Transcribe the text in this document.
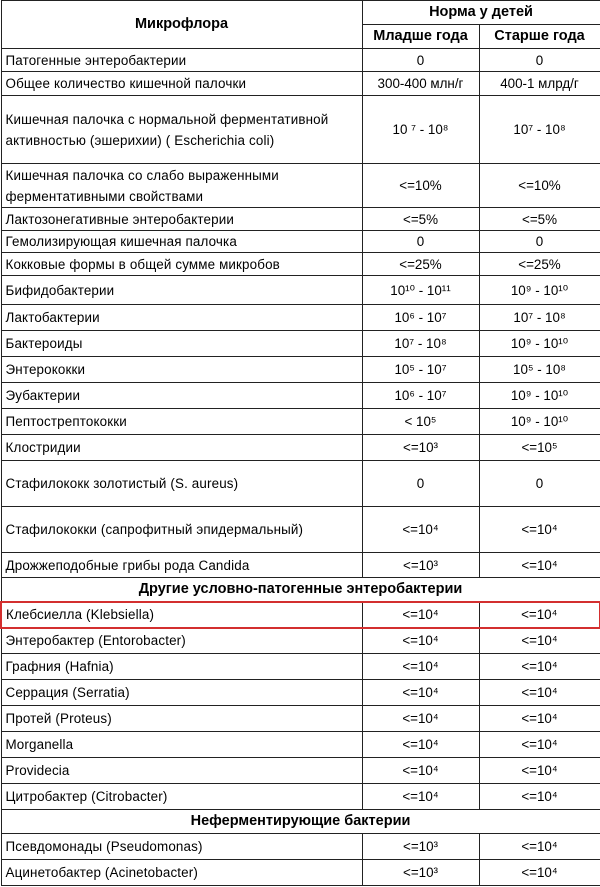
Микрофлора	Норма у детей	
	Младше года	Старше года
Патогенные энтеробактерии	0	0
Общее количество кишечной палочки	300-400 млн/г	400-1 млрд/г
Кишечная палочка с нормальной ферментативной активностью (эшерихии) ( Escherichia coli)	10 ⁷ - 10⁸	10⁷ - 10⁸
Кишечная палочка со слабо выраженными ферментативными свойствами	<=10%	<=10%
Лактозонегативные энтеробактерии	<=5%	<=5%
Гемолизирующая кишечная палочка	0	0
Кокковые формы в общей сумме микробов	<=25%	<=25%
Бифидобактерии	10¹⁰ - 10¹¹	10⁹ - 10¹⁰
Лактобактерии	10⁶ - 10⁷	10⁷ - 10⁸
Бактероиды	10⁷ - 10⁸	10⁹ - 10¹⁰
Энтерококки	10⁵ - 10⁷	10⁵ - 10⁸
Эубактерии	10⁶ - 10⁷	10⁹ - 10¹⁰
Пептострептококки	< 10⁵	10⁹ - 10¹⁰
Клостридии	<=10³	<=10⁵
Стафилококк золотистый (S. aureus)	0	0
Стафилококки (сапрофитный эпидермальный)	<=10⁴	<=10⁴
Дрожжеподобные грибы рода Candida	<=10³	<=10⁴
Другие условно-патогенные энтеробактерии		
Клебсиелла (Klebsiella)	<=10⁴	<=10⁴
Энтеробактер (Entorobacter)	<=10⁴	<=10⁴
Графния (Hafnia)	<=10⁴	<=10⁴
Серрация (Serratia)	<=10⁴	<=10⁴
Протей (Proteus)	<=10⁴	<=10⁴
Morganella	<=10⁴	<=10⁴
Providecia	<=10⁴	<=10⁴
Цитробактер (Citrobacter)	<=10⁴	<=10⁴
Неферментирующие бактерии		
Псевдомонады (Pseudomonas)	<=10³	<=10⁴
Ацинетобактер (Acinetobacter)	<=10³	<=10⁴
